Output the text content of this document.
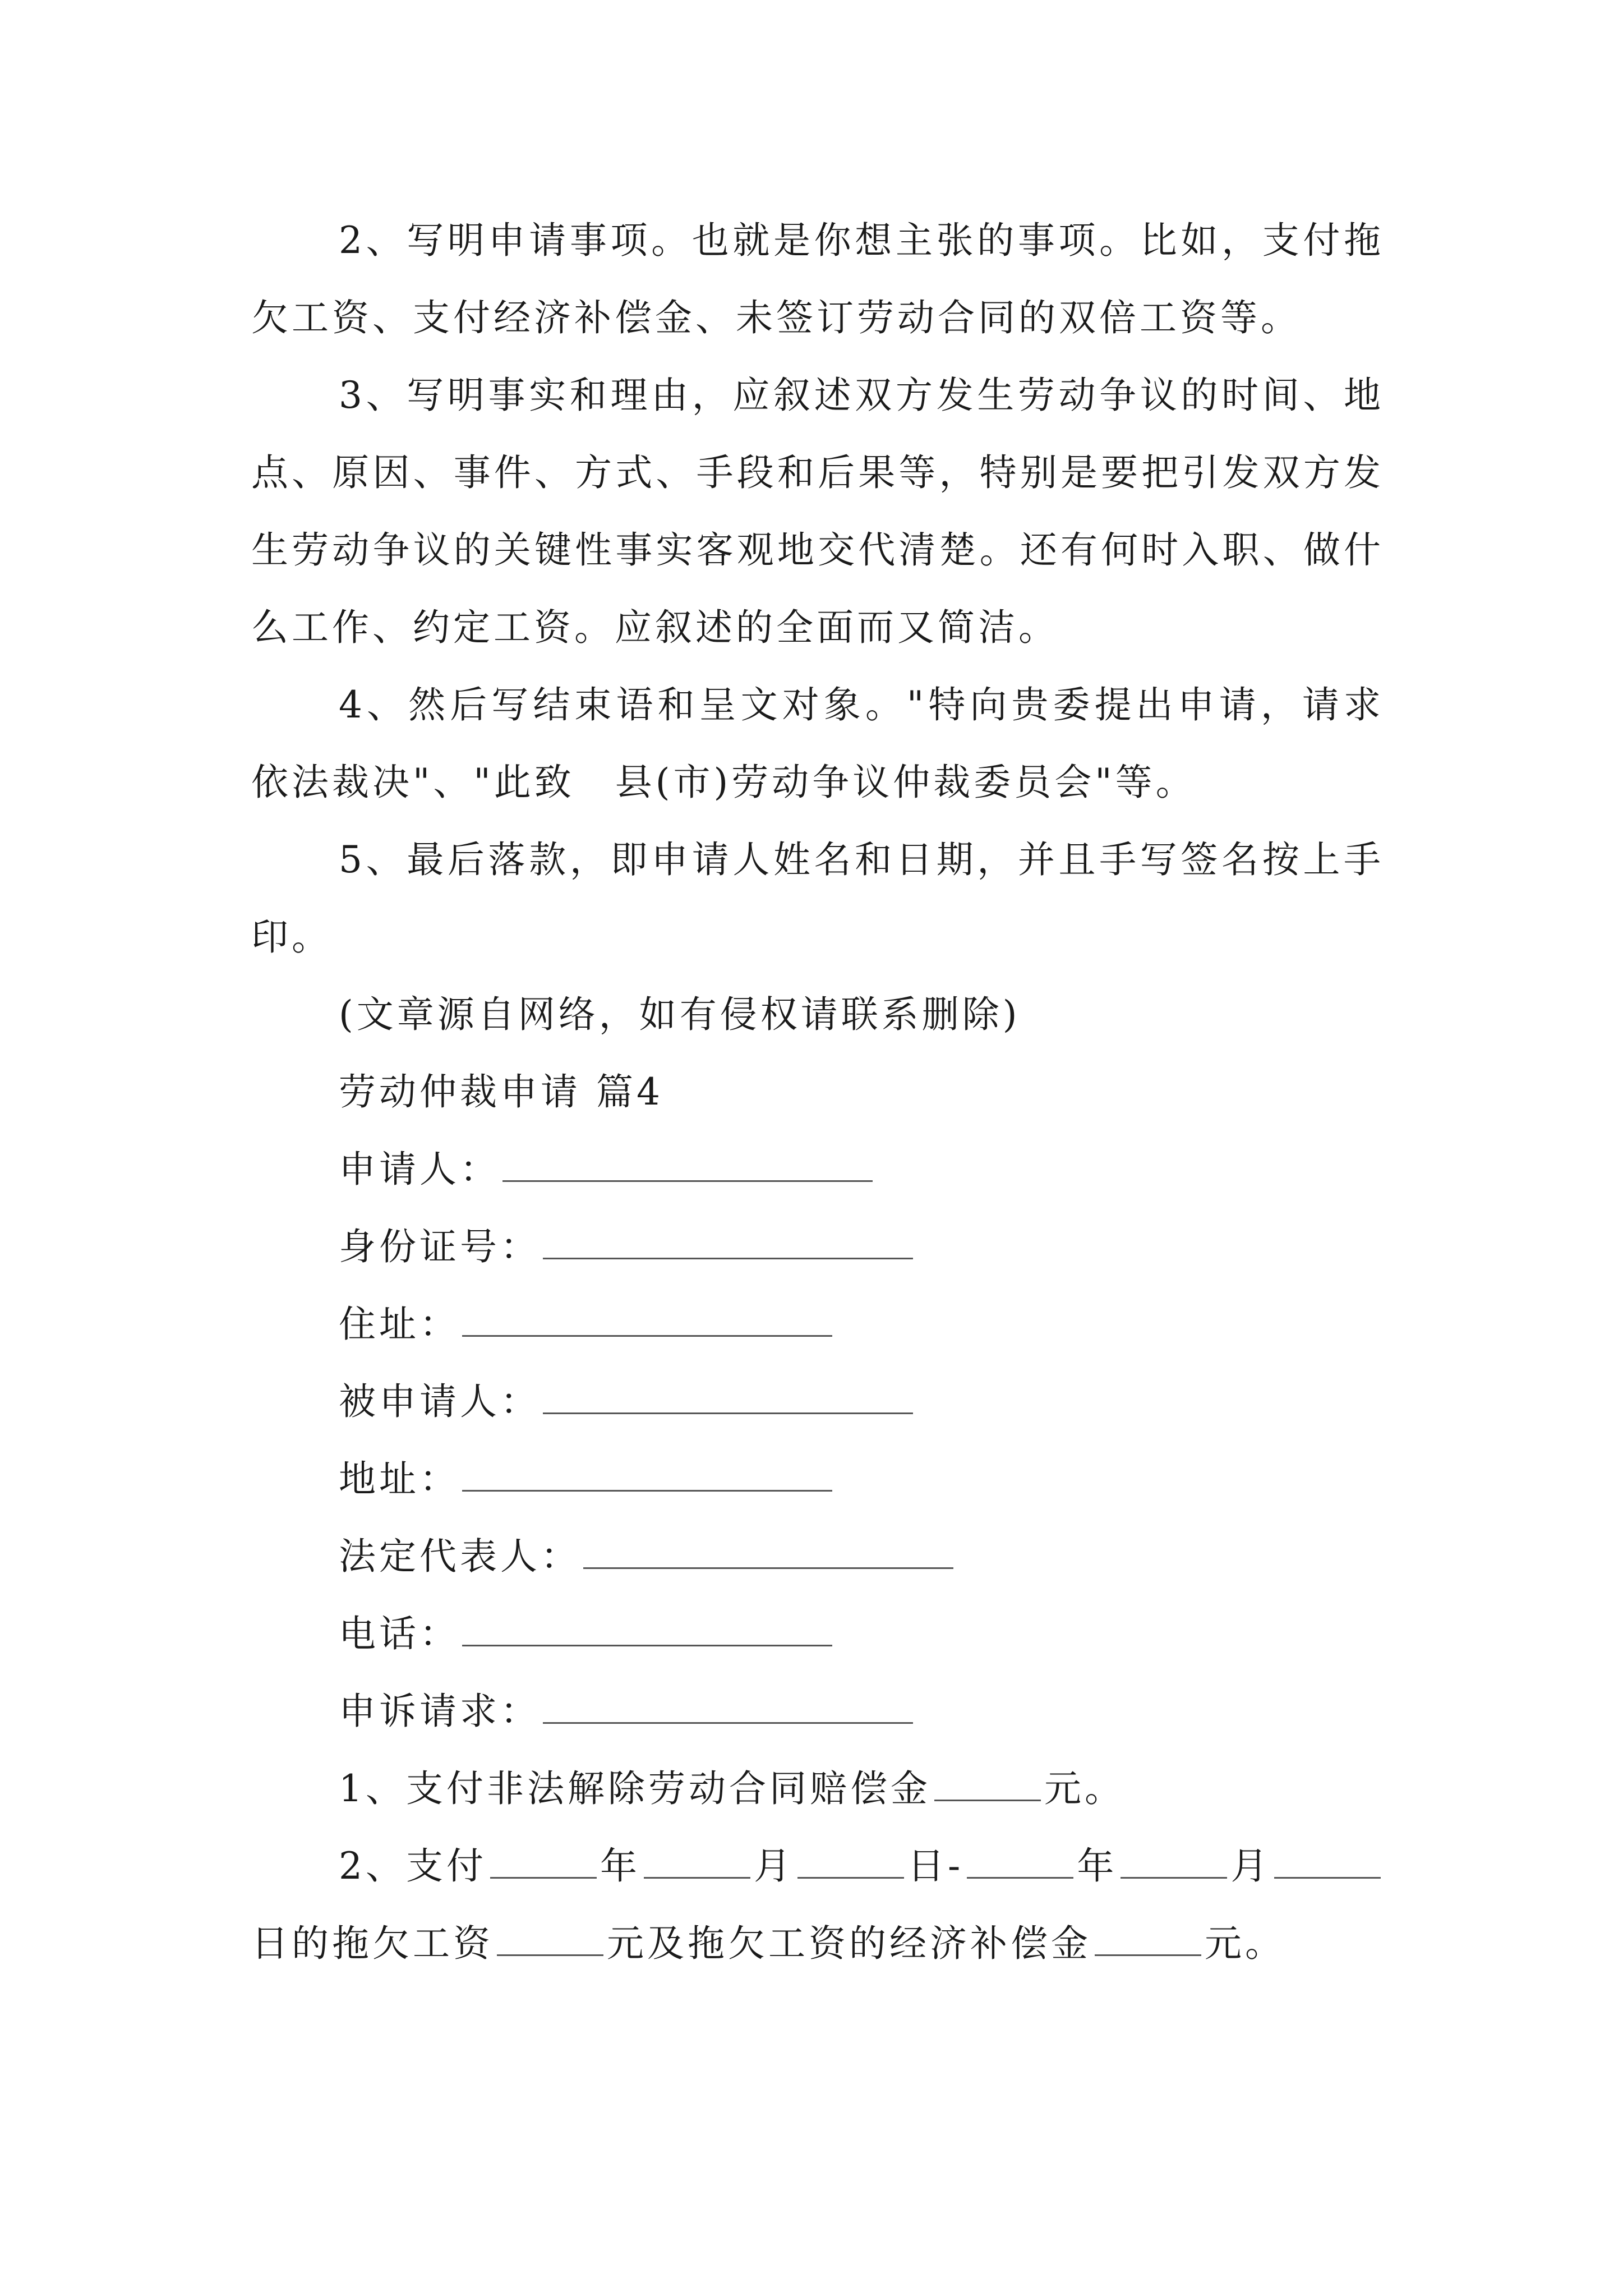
2、写明申请事项。也就是你想主张的事项。比如，支付拖欠工资、支付经济补偿金、未签订劳动合同的双倍工资等。

3、写明事实和理由，应叙述双方发生劳动争议的时间、地点、原因、事件、方式、手段和后果等，特别是要把引发双方发生劳动争议的关键性事实客观地交代清楚。还有何时入职、做什么工作、约定工资。应叙述的全面而又简洁。

4、然后写结束语和呈文对象。"特向贵委提出申请，请求依法裁决"、"此致　县(市)劳动争议仲裁委员会"等。

5、最后落款，即申请人姓名和日期，并且手写签名按上手印。

(文章源自网络，如有侵权请联系删除)

劳动仲裁申请 篇4

申请人：
身份证号：
住址：
被申请人：
地址：
法定代表人：
电话：
申诉请求：
1、支付非法解除劳动合同赔偿金	元。
2、支付	年	月	日-	年	月
日的拖欠工资	元及拖欠工资的经济补偿金	元。
